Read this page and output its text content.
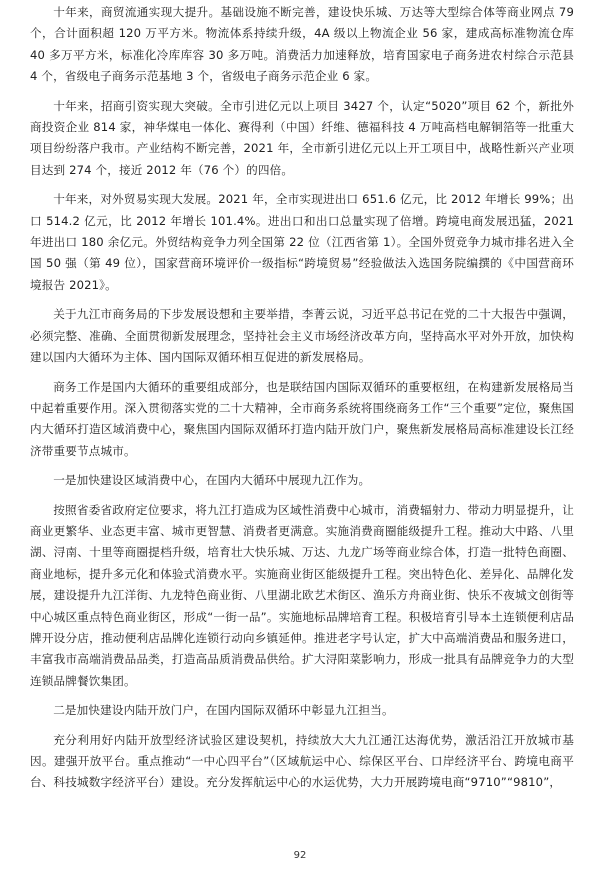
十年来，商贸流通实现大提升。基础设施不断完善，建设快乐城、万达等大型综合体等商业网点 79 个，合计面积超 120 万平方米。物流体系持续升级，4A 级以上物流企业 56 家，建成高标准物流仓库 40 多万平方米，标准化冷库库容 30 多万吨。消费活力加速释放，培育国家电子商务进农村综合示范县 4 个，省级电子商务示范基地 3 个，省级电子商务示范企业 6 家。

十年来，招商引资实现大突破。全市引进亿元以上项目 3427 个，认定“5020”项目 62 个，新批外商投资企业 814 家，神华煤电一体化、赛得利（中国）纤维、德福科技 4 万吨高档电解铜箔等一批重大项目纷纷落户我市。产业结构不断完善，2021 年，全市新引进亿元以上开工项目中，战略性新兴产业项目达到 274 个，接近 2012 年（76 个）的四倍。

十年来，对外贸易实现大发展。2021 年，全市实现进出口 651.6 亿元，比 2012 年增长 99%；出口 514.2 亿元，比 2012 年增长 101.4%。进出口和出口总量实现了倍增。跨境电商发展迅猛，2021 年进出口 180 余亿元。外贸结构竞争力列全国第 22 位（江西省第 1）。全国外贸竞争力城市排名进入全国 50 强（第 49 位），国家营商环境评价一级指标“跨境贸易”经验做法入选国务院编撰的《中国营商环境报告 2021》。

关于九江市商务局的下步发展设想和主要举措，李菁云说，习近平总书记在党的二十大报告中强调，必须完整、准确、全面贯彻新发展理念，坚持社会主义市场经济改革方向，坚持高水平对外开放，加快构建以国内大循环为主体、国内国际双循环相互促进的新发展格局。

商务工作是国内大循环的重要组成部分，也是联结国内国际双循环的重要枢纽，在构建新发展格局当中起着重要作用。深入贯彻落实党的二十大精神，全市商务系统将围绕商务工作“三个重要”定位，聚焦国内大循环打造区域消费中心，聚焦国内国际双循环打造内陆开放门户，聚焦新发展格局高标准建设长江经济带重要节点城市。

一是加快建设区域消费中心，在国内大循环中展现九江作为。

按照省委省政府定位要求，将九江打造成为区域性消费中心城市，消费辐射力、带动力明显提升，让商业更繁华、业态更丰富、城市更智慧、消费者更满意。实施消费商圈能级提升工程。推动大中路、八里湖、浔南、十里等商圈提档升级，培育壮大快乐城、万达、九龙广场等商业综合体，打造一批特色商圈、商业地标，提升多元化和体验式消费水平。实施商业街区能级提升工程。突出特色化、差异化、品牌化发展，建设提升九江洋街、九龙特色商业街、八里湖北欧艺术街区、渔乐方舟商业街、快乐不夜城文创街等中心城区重点特色商业街区，形成“一街一品”。实施地标品牌培育工程。积极培育引导本土连锁便利店品牌开设分店，推动便利店品牌化连锁行动向乡镇延伸。推进老字号认定，扩大中高端消费品和服务进口，丰富我市高端消费品品类，打造高品质消费品供给。扩大浔阳菜影响力，形成一批具有品牌竞争力的大型连锁品牌餐饮集团。

二是加快建设内陆开放门户，在国内国际双循环中彰显九江担当。

充分利用好内陆开放型经济试验区建设契机，持续放大大九江通江达海优势，激活沿江开放城市基因。建强开放平台。重点推动“一中心四平台”（区域航运中心、综保区平台、口岸经济平台、跨境电商平台、科技城数字经济平台）建设。充分发挥航运中心的水运优势，大力开展跨境电商“9710”“9810”，

92
